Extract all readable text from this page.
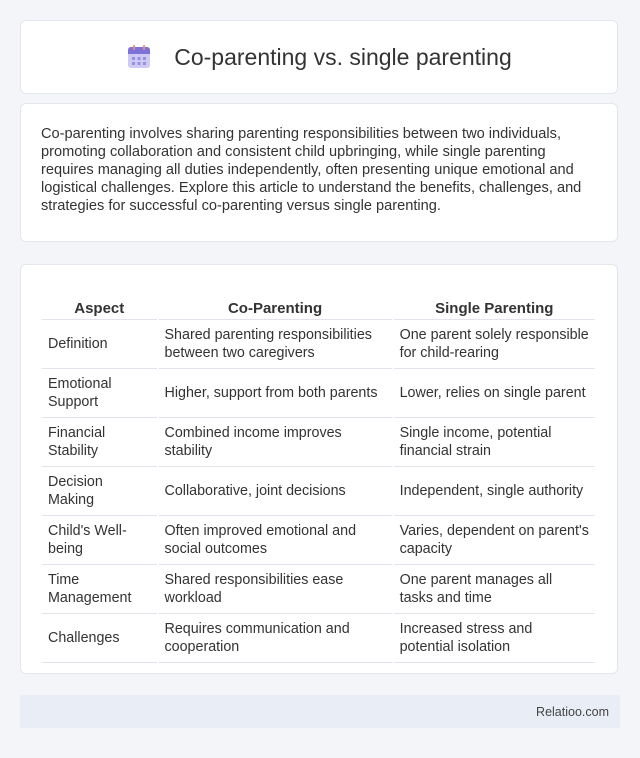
Co-parenting vs. single parenting

Co-parenting involves sharing parenting responsibilities between two individuals, promoting collaboration and consistent child upbringing, while single parenting requires managing all duties independently, often presenting unique emotional and logistical challenges. Explore this article to understand the benefits, challenges, and strategies for successful co-parenting versus single parenting.

Aspect	Co-Parenting	Single Parenting
Definition	Shared parenting responsibilities between two caregivers	One parent solely responsible for child-rearing
Emotional Support	Higher, support from both parents	Lower, relies on single parent
Financial Stability	Combined income improves stability	Single income, potential financial strain
Decision Making	Collaborative, joint decisions	Independent, single authority
Child's Well-being	Often improved emotional and social outcomes	Varies, dependent on parent's capacity
Time Management	Shared responsibilities ease workload	One parent manages all tasks and time
Challenges	Requires communication and cooperation	Increased stress and potential isolation
Relatioo.com
